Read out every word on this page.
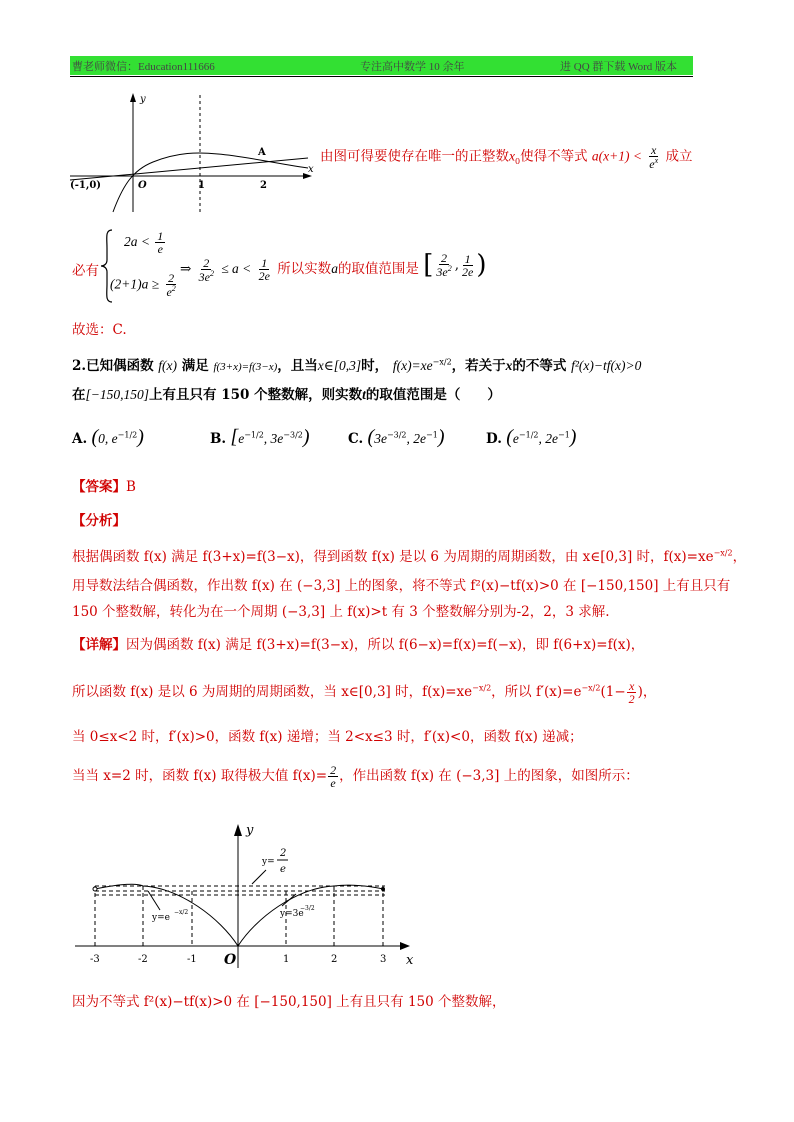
曹老师微信：Education111666	专注高中数学 10 余年	进 QQ 群下载 Word 版本
y
x
O
(-1,0)	1	2
A	由图可得要使存在唯一的正整数$x_0$使得不等式 $a(x+1) < \frac{x}{e^x}$ 成立
必有
$2a < \frac{1}{e}$
$(2+1)a \ge \frac{2}{e^2}$
⇒ $\frac{2}{3e^2} \le a < \frac{1}{2e}$ 所以实数a的取值范围是 [ $\frac{2}{3e^2}$ , $\frac{1}{2e}$ )
故选：C.
2.已知偶函数 f(x) 满足 f(3+x)=f(3−x)，且当x∈[0,3]时， $f(x)=xe^{-x/2}$，若关于x的不等式 f²(x)−tf(x)>0
在[−150,150]上有且只有 150 个整数解，则实数t的取值范围是（　　）
A. (0, $e^{-1/2}$)	B. [$e^{-1/2}$, $3e^{-3/2}$)	C. ($3e^{-3/2}$, $2e^{-1}$)	D. ($e^{-1/2}$, $2e^{-1}$)
【答案】B
【分析】
根据偶函数 f(x) 满足 f(3+x)=f(3−x)，得到函数 f(x) 是以 6 为周期的周期函数，由 x∈[0,3] 时，$f(x)=xe^{-x/2}$，
用导数法结合偶函数，作出数 f(x) 在 (−3,3] 上的图象，将不等式 f²(x)−tf(x)>0 在 [−150,150] 上有且只有
150 个整数解，转化为在一个周期 (−3,3] 上 f(x)>t 有 3 个整数解分别为-2，2，3 求解.
【详解】因为偶函数 f(x) 满足 f(3+x)=f(3−x)，所以 f(6−x)=f(x)=f(−x)，即 f(6+x)=f(x)，
所以函数 f(x) 是以 6 为周期的周期函数，当 x∈[0,3] 时，$f(x)=xe^{-x/2}$，所以 $f'(x)=e^{-x/2}(1- \frac{x}{2}$ )，
当 0≤x<2 时，f′(x)>0，函数 f(x) 递增；当 2<x≤3 时，f′(x)<0，函数 f(x) 递减；
当当 x=2 时，函数 f(x) 取得极大值 $f(x)= \frac{2}{e}$ ，作出函数 f(x) 在 (−3,3] 上的图象，如图所示：
y
x
O
-3	-2	-1	1	2	3
y=
2
e
y=e
−x/2	y=3e
−3/2
因为不等式 f²(x)−tf(x)>0 在 [−150,150] 上有且只有 150 个整数解，
